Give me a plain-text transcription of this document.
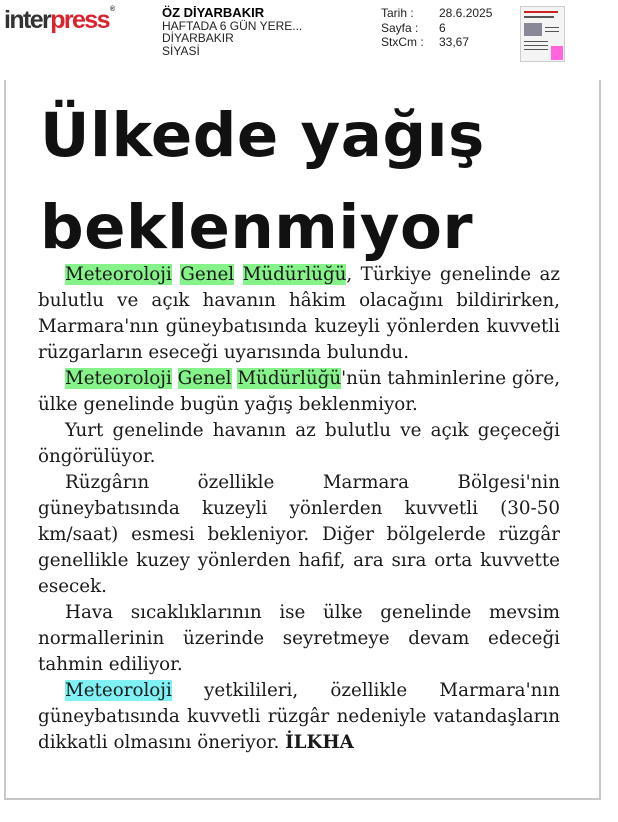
interpress®	ÖZ DİYARBAKIR
HAFTADA 6 GÜN YERE...
DİYARBAKIR
SİYASİ
Tarih :	28.6.2025
Sayfa :	6
StxCm :	33,67
Ülkede yağış
beklenmiyor

Meteoroloji Genel Müdürlüğü, Türkiye genelinde az bulutlu ve açık havanın hâkim olacağını bildirirken, Marmara'nın güneybatısında kuzeyli yönlerden kuvvetli rüzgarların eseceği uyarısında bulundu.

Meteoroloji Genel Müdürlüğü'nün tahminlerine göre, ülke genelinde bugün yağış beklenmiyor.

Yurt genelinde havanın az bulutlu ve açık geçeceği öngörülüyor.

Rüzgârın özellikle Marmara Bölgesi'nin güneybatısında kuzeyli yönlerden kuvvetli (30-50 km/saat) esmesi bekleniyor. Diğer bölgelerde rüzgâr genellikle kuzey yönlerden hafif, ara sıra orta kuvvette esecek.

Hava sıcaklıklarının ise ülke genelinde mevsim normallerinin üzerinde seyretmeye devam edeceği tahmin ediliyor.

Meteoroloji yetkilileri, özellikle Marmara'nın güneybatısında kuvvetli rüzgâr nedeniyle vatandaşların dikkatli olmasını öneriyor. İLKHA
